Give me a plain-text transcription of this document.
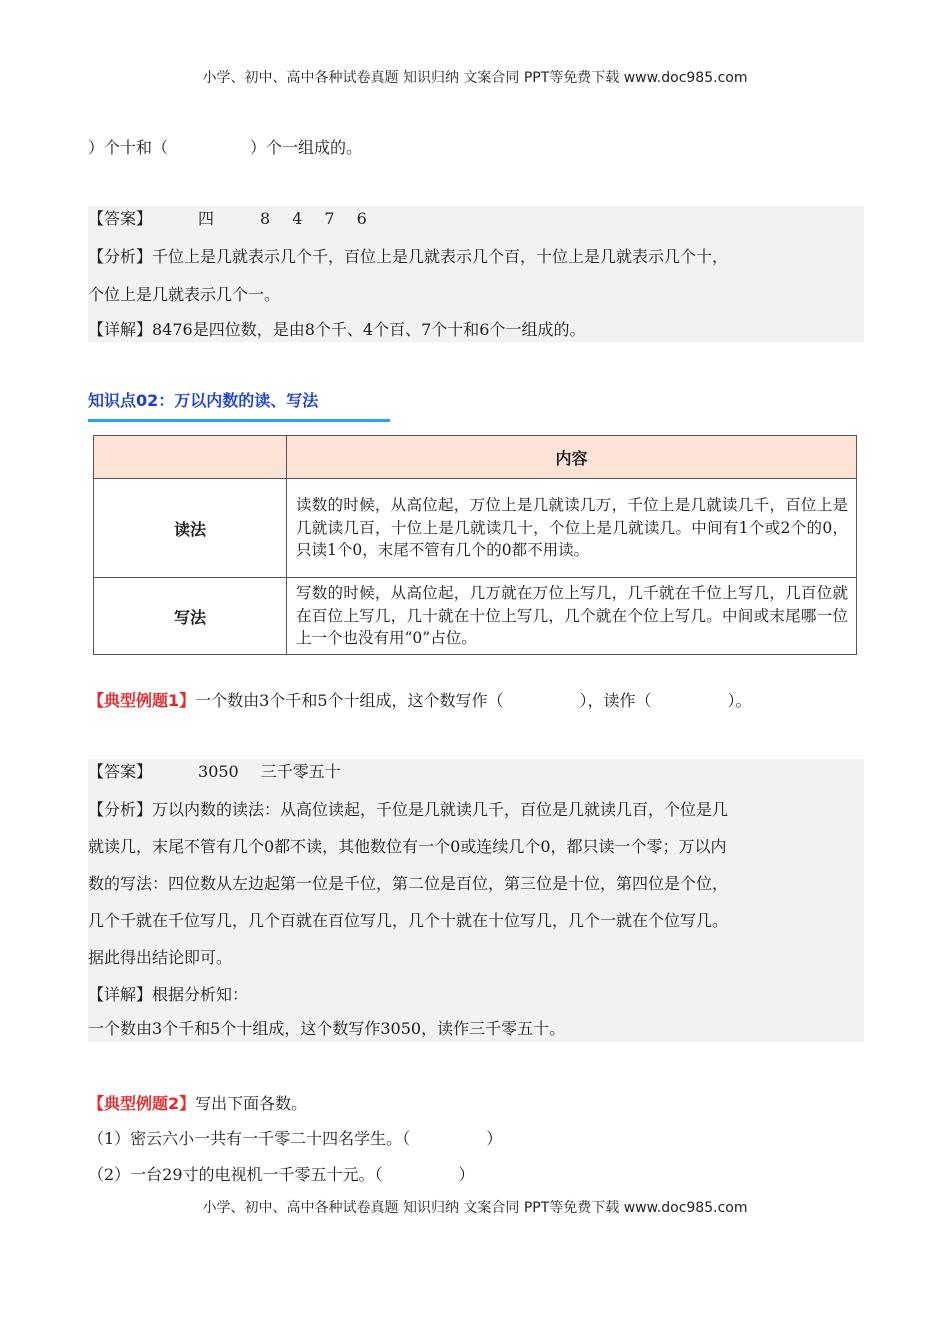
小学、初中、高中各种试卷真题 知识归纳 文案合同 PPT等免费下载 www.doc985.com
）个十和（	）个一组成的。
【答案】	四	8 4 7 6
【分析】千位上是几就表示几个千，百位上是几就表示几个百，十位上是几就表示几个十，
个位上是几就表示几个一。
【详解】8476是四位数，是由8个千、4个百、7个十和6个一组成的。
知识点02：万以内数的读、写法
	内容
读法	读数的时候，从高位起，万位上是几就读几万，千位上是几就读几千，百位上是几就读几百，十位上是几就读几十，个位上是几就读几。中间有1个或2个的0，只读1个0，末尾不管有几个的0都不用读。
写法	写数的时候，从高位起，几万就在万位上写几，几千就在千位上写几，几百位就在百位上写几，几十就在十位上写几，几个就在个位上写几。中间或末尾哪一位上一个也没有用“0”占位。
【典型例题1】一个数由3个千和5个十组成，这个数写作（	），读作（	）。
【答案】	3050 三千零五十
【分析】万以内数的读法：从高位读起，千位是几就读几千，百位是几就读几百，个位是几
就读几，末尾不管有几个0都不读，其他数位有一个0或连续几个0，都只读一个零；万以内
数的写法：四位数从左边起第一位是千位，第二位是百位，第三位是十位，第四位是个位，
几个千就在千位写几，几个百就在百位写几，几个十就在十位写几，几个一就在个位写几。
据此得出结论即可。
【详解】根据分析知：
一个数由3个千和5个十组成，这个数写作3050，读作三千零五十。
【典型例题2】写出下面各数。
（1）密云六小一共有一千零二十四名学生。（	）
（2）一台29寸的电视机一千零五十元。（	）
小学、初中、高中各种试卷真题 知识归纳 文案合同 PPT等免费下载 www.doc985.com
